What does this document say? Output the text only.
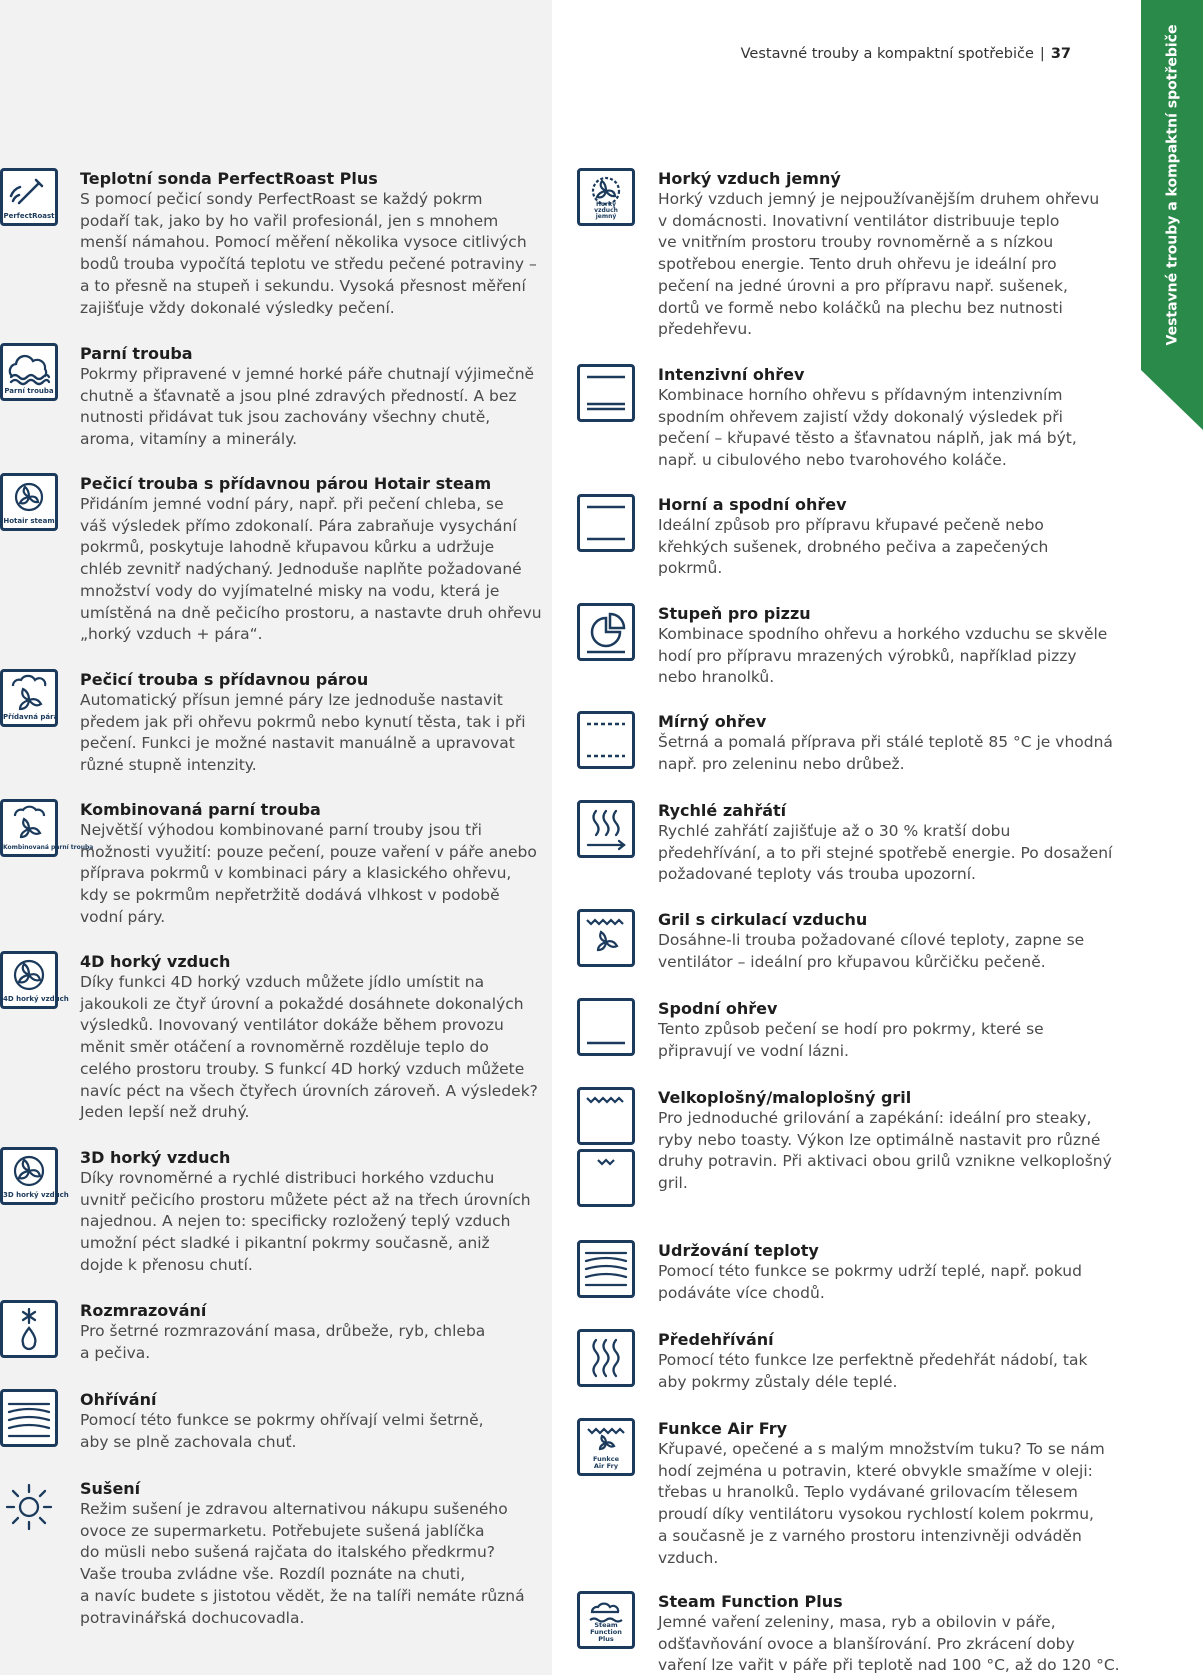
Vestavné trouby a kompaktní spotřebiče | 37	Vestavné trouby a kompaktní spotřebiče
PerfectRoast
Teplotní sonda PerfectRoast Plus

S pomocí pečicí sondy PerfectRoast se každý pokrm
podaří tak, jako by ho vařil profesionál, jen s mnohem
menší námahou. Pomocí měření několika vysoce citlivých
bodů trouba vypočítá teplotu ve středu pečené potraviny –
a to přesně na stupeň i sekundu. Vysoká přesnost měření
zajišťuje vždy dokonalé výsledky pečení.

Parní trouba
Parní trouba

Pokrmy připravené v jemné horké páře chutnají výjimečně
chutně a šťavnatě a jsou plné zdravých předností. A bez
nutnosti přidávat tuk jsou zachovány všechny chutě,
aroma, vitamíny a minerály.

Hotair steam
Pečicí trouba s přídavnou párou Hotair steam

Přidáním jemné vodní páry, např. při pečení chleba, se
váš výsledek přímo zdokonalí. Pára zabraňuje vysychání
pokrmů, poskytuje lahodně křupavou kůrku a udržuje
chléb zevnitř nadýchaný. Jednoduše naplňte požadované
množství vody do vyjímatelné misky na vodu, která je
umístěná na dně pečicího prostoru, a nastavte druh ohřevu
„horký vzduch + pára“.

Přídavná pára
Pečicí trouba s přídavnou párou

Automatický přísun jemné páry lze jednoduše nastavit
předem jak při ohřevu pokrmů nebo kynutí těsta, tak i při
pečení. Funkci je možné nastavit manuálně a upravovat
různé stupně intenzity.

Kombinovaná parní trouba
Kombinovaná parní trouba

Největší výhodou kombinované parní trouby jsou tři
možnosti využití: pouze pečení, pouze vaření v páře anebo
příprava pokrmů v kombinaci páry a klasického ohřevu,
kdy se pokrmům nepřetržitě dodává vlhkost v podobě
vodní páry.

4D horký vzduch
4D horký vzduch

Díky funkci 4D horký vzduch můžete jídlo umístit na
jakoukoli ze čtyř úrovní a pokaždé dosáhnete dokonalých
výsledků. Inovovaný ventilátor dokáže během provozu
měnit směr otáčení a rovnoměrně rozděluje teplo do
celého prostoru trouby. S funkcí 4D horký vzduch můžete
navíc péct na všech čtyřech úrovních zároveň. A výsledek?
Jeden lepší než druhý.

3D horký vzduch
3D horký vzduch

Díky rovnoměrné a rychlé distribuci horkého vzduchu
uvnitř pečicího prostoru můžete péct až na třech úrovních
najednou. A nejen to: specificky rozložený teplý vzduch
umožní péct sladké i pikantní pokrmy současně, aniž
dojde k přenosu chutí.

Rozmrazování

Pro šetrné rozmrazování masa, drůbeže, ryb, chleba
a pečiva.

Ohřívání

Pomocí této funkce se pokrmy ohřívají velmi šetrně,
aby se plně zachovala chuť.

Sušení

Režim sušení je zdravou alternativou nákupu sušeného
ovoce ze supermarketu. Potřebujete sušená jablíčka
do müsli nebo sušená rajčata do italského předkrmu?
Vaše trouba zvládne vše. Rozdíl poznáte na chuti,
a navíc budete s jistotou vědět, že na talíři nemáte různá
potravinářská dochucovadla.

Horký vzduch jemný
Horký vzduch jemný

Horký vzduch jemný je nejpoužívanějším druhem ohřevu
v domácnosti. Inovativní ventilátor distribuuje teplo
ve vnitřním prostoru trouby rovnoměrně a s nízkou
spotřebou energie. Tento druh ohřevu je ideální pro
pečení na jedné úrovni a pro přípravu např. sušenek,
dortů ve formě nebo koláčků na plechu bez nutnosti
předehřevu.

Intenzivní ohřev

Kombinace horního ohřevu s přídavným intenzivním
spodním ohřevem zajistí vždy dokonalý výsledek při
pečení – křupavé těsto a šťavnatou náplň, jak má být,
např. u cibulového nebo tvarohového koláče.

Horní a spodní ohřev

Ideální způsob pro přípravu křupavé pečeně nebo
křehkých sušenek, drobného pečiva a zapečených
pokrmů.

Stupeň pro pizzu

Kombinace spodního ohřevu a horkého vzduchu se skvěle
hodí pro přípravu mrazených výrobků, například pizzy
nebo hranolků.

Mírný ohřev

Šetrná a pomalá příprava při stálé teplotě 85 °C je vhodná
např. pro zeleninu nebo drůbež.

Rychlé zahřátí

Rychlé zahřátí zajišťuje až o 30 % kratší dobu
předehřívání, a to při stejné spotřebě energie. Po dosažení
požadované teploty vás trouba upozorní.

Gril s cirkulací vzduchu

Dosáhne-li trouba požadované cílové teploty, zapne se
ventilátor – ideální pro křupavou kůrčičku pečeně.

Spodní ohřev

Tento způsob pečení se hodí pro pokrmy, které se
připravují ve vodní lázni.

Velkoplošný/maloplošný gril

Pro jednoduché grilování a zapékání: ideální pro steaky,
ryby nebo toasty. Výkon lze optimálně nastavit pro různé
druhy potravin. Při aktivaci obou grilů vznikne velkoplošný
gril.

Udržování teploty

Pomocí této funkce se pokrmy udrží teplé, např. pokud
podáváte více chodů.

Předehřívání

Pomocí této funkce lze perfektně předehřát nádobí, tak
aby pokrmy zůstaly déle teplé.

Funkce Air Fry
Funkce Air Fry

Křupavé, opečené a s malým množstvím tuku? To se nám
hodí zejména u potravin, které obvykle smažíme v oleji:
třebas u hranolků. Teplo vydávané grilovacím tělesem
proudí díky ventilátoru vysokou rychlostí kolem pokrmu,
a současně je z varného prostoru intenzivněji odváděn
vzduch.

Steam Function Plus
Steam Function Plus

Jemné vaření zeleniny, masa, ryb a obilovin v páře,
odšťavňování ovoce a blanšírování. Pro zkrácení doby
vaření lze vařit v páře při teplotě nad 100 °C, až do 120 °C.
